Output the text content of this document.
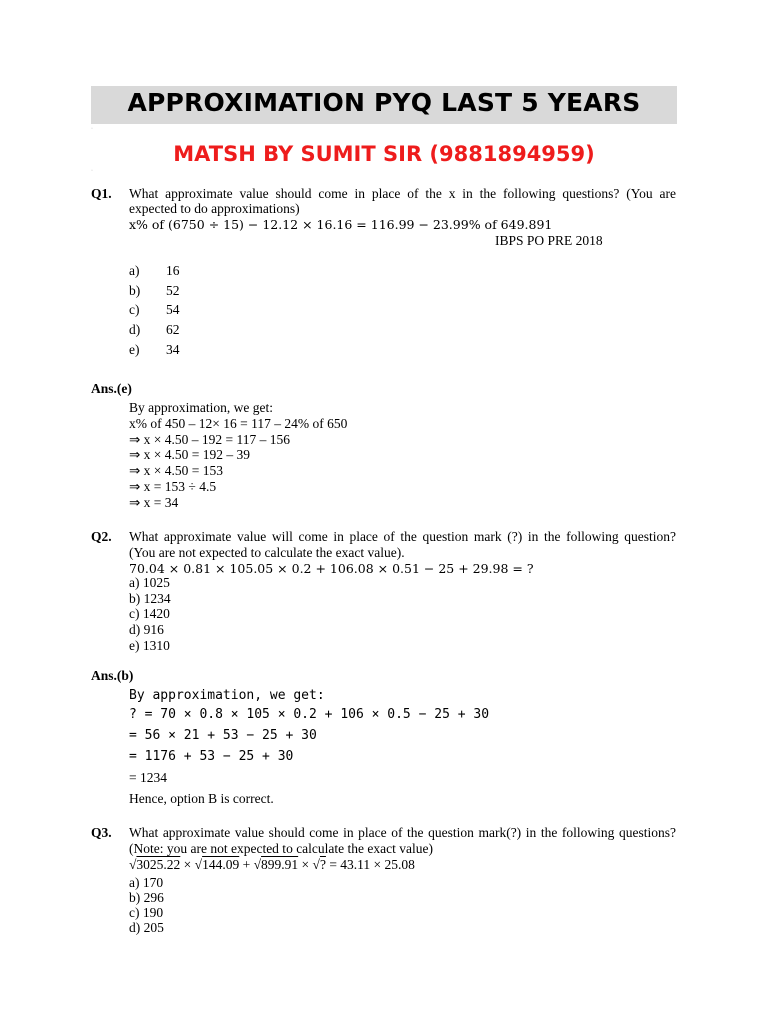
APPROXIMATION PYQ LAST 5 YEARS
·
MATSH BY SUMIT SIR (9881894959)
·
Q1. What approximate value should come in place of the x in the following questions? (You are
expected to do approximations)
x% of (6750 ÷ 15) − 12.12 × 16.16 = 116.99 − 23.99% of 649.891
IBPS PO PRE 2018
a) 16
b) 52
c) 54
d) 62
e) 34
Ans.(e)
By approximation, we get:
x% of 450 – 12× 16 = 117 – 24% of 650
⇒ x × 4.50 – 192 = 117 – 156
⇒ x × 4.50 = 192 – 39
⇒ x × 4.50 = 153
⇒ x = 153 ÷ 4.5
⇒ x = 34
Q2. What approximate value will come in place of the question mark (?) in the following question?
(You are not expected to calculate the exact value).
70.04 × 0.81 × 105.05 × 0.2 + 106.08 × 0.51 − 25 + 29.98 = ?
a) 1025
b) 1234
c) 1420
d) 916
e) 1310
Ans.(b)
By approximation, we get:
? = 70 × 0.8 × 105 × 0.2 + 106 × 0.5 − 25 + 30
= 56 × 21 + 53 − 25 + 30
= 1176 + 53 − 25 + 30
= 1234
Hence, option B is correct.
Q3. What approximate value should come in place of the question mark(?) in the following questions?
(Note: you are not expected to calculate the exact value)
√3025.22 × √144.09 + √899.91 × √? = 43.11 × 25.08
a) 170
b) 296
c) 190
d) 205
